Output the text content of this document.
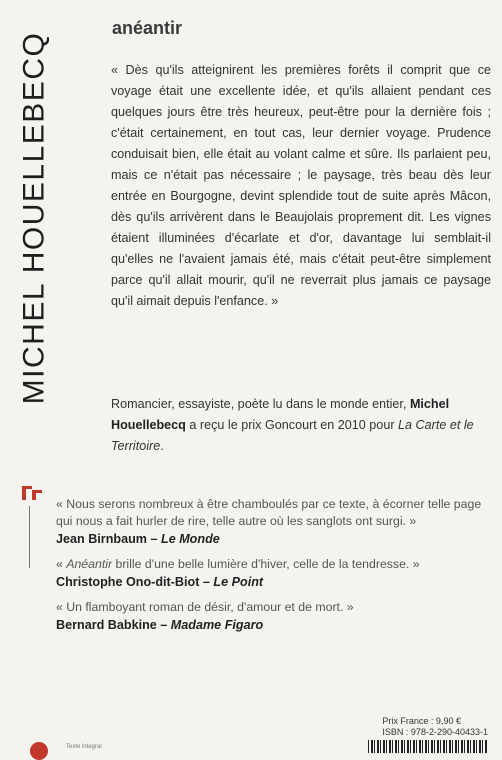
MICHEL HOUELLEBECQ
anéantir

« Dès qu'ils atteignirent les premières forêts il comprit que ce voyage était une excellente idée, et qu'ils allaient pendant ces quelques jours être très heureux, peut-être pour la dernière fois ; c'était certainement, en tout cas, leur dernier voyage. Prudence conduisait bien, elle était au volant calme et sûre. Ils parlaient peu, mais ce n'était pas nécessaire ; le paysage, très beau dès leur entrée en Bourgogne, devint splendide tout de suite après Mâcon, dès qu'ils arrivèrent dans le Beaujolais proprement dit. Les vignes étaient illuminées d'écarlate et d'or, davantage lui semblait-il qu'elles ne l'avaient jamais été, mais c'était peut-être simplement parce qu'il allait mourir, qu'il ne reverrait plus jamais ce paysage qu'il aimait depuis l'enfance. »

Romancier, essayiste, poète lu dans le monde entier, Michel Houellebecq a reçu le prix Goncourt en 2010 pour La Carte et le Territoire.
« Nous serons nombreux à être chamboulés par ce texte, à écorner telle page qui nous a fait hurler de rire, telle autre où les sanglots ont surgi. »
Jean Birnbaum – Le Monde
« Anéantir brille d'une belle lumière d'hiver, celle de la tendresse. »
Christophe Ono-dit-Biot – Le Point
« Un flamboyant roman de désir, d'amour et de mort. »
Bernard Babkine – Madame Figaro
Prix France : 9,90 €
ISBN : 978-2-290-40433-1
Texte intégral
